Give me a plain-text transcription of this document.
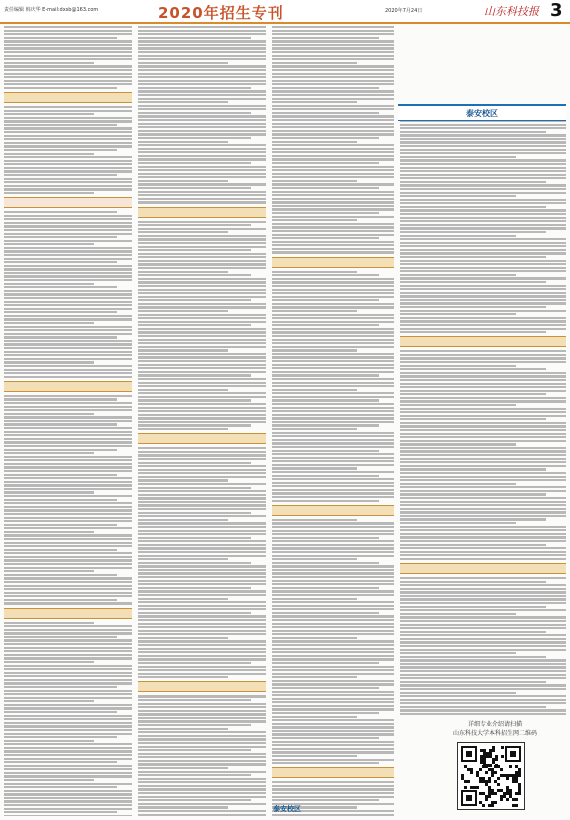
责任编辑 韩庆华 E-mail:dxsb@163.com	2020年招生专刊	2020年7月24日	山东科技报 3
泰安校区
泰安校区
详细专业介绍请扫描
山东科技大学本科招生网二维码
